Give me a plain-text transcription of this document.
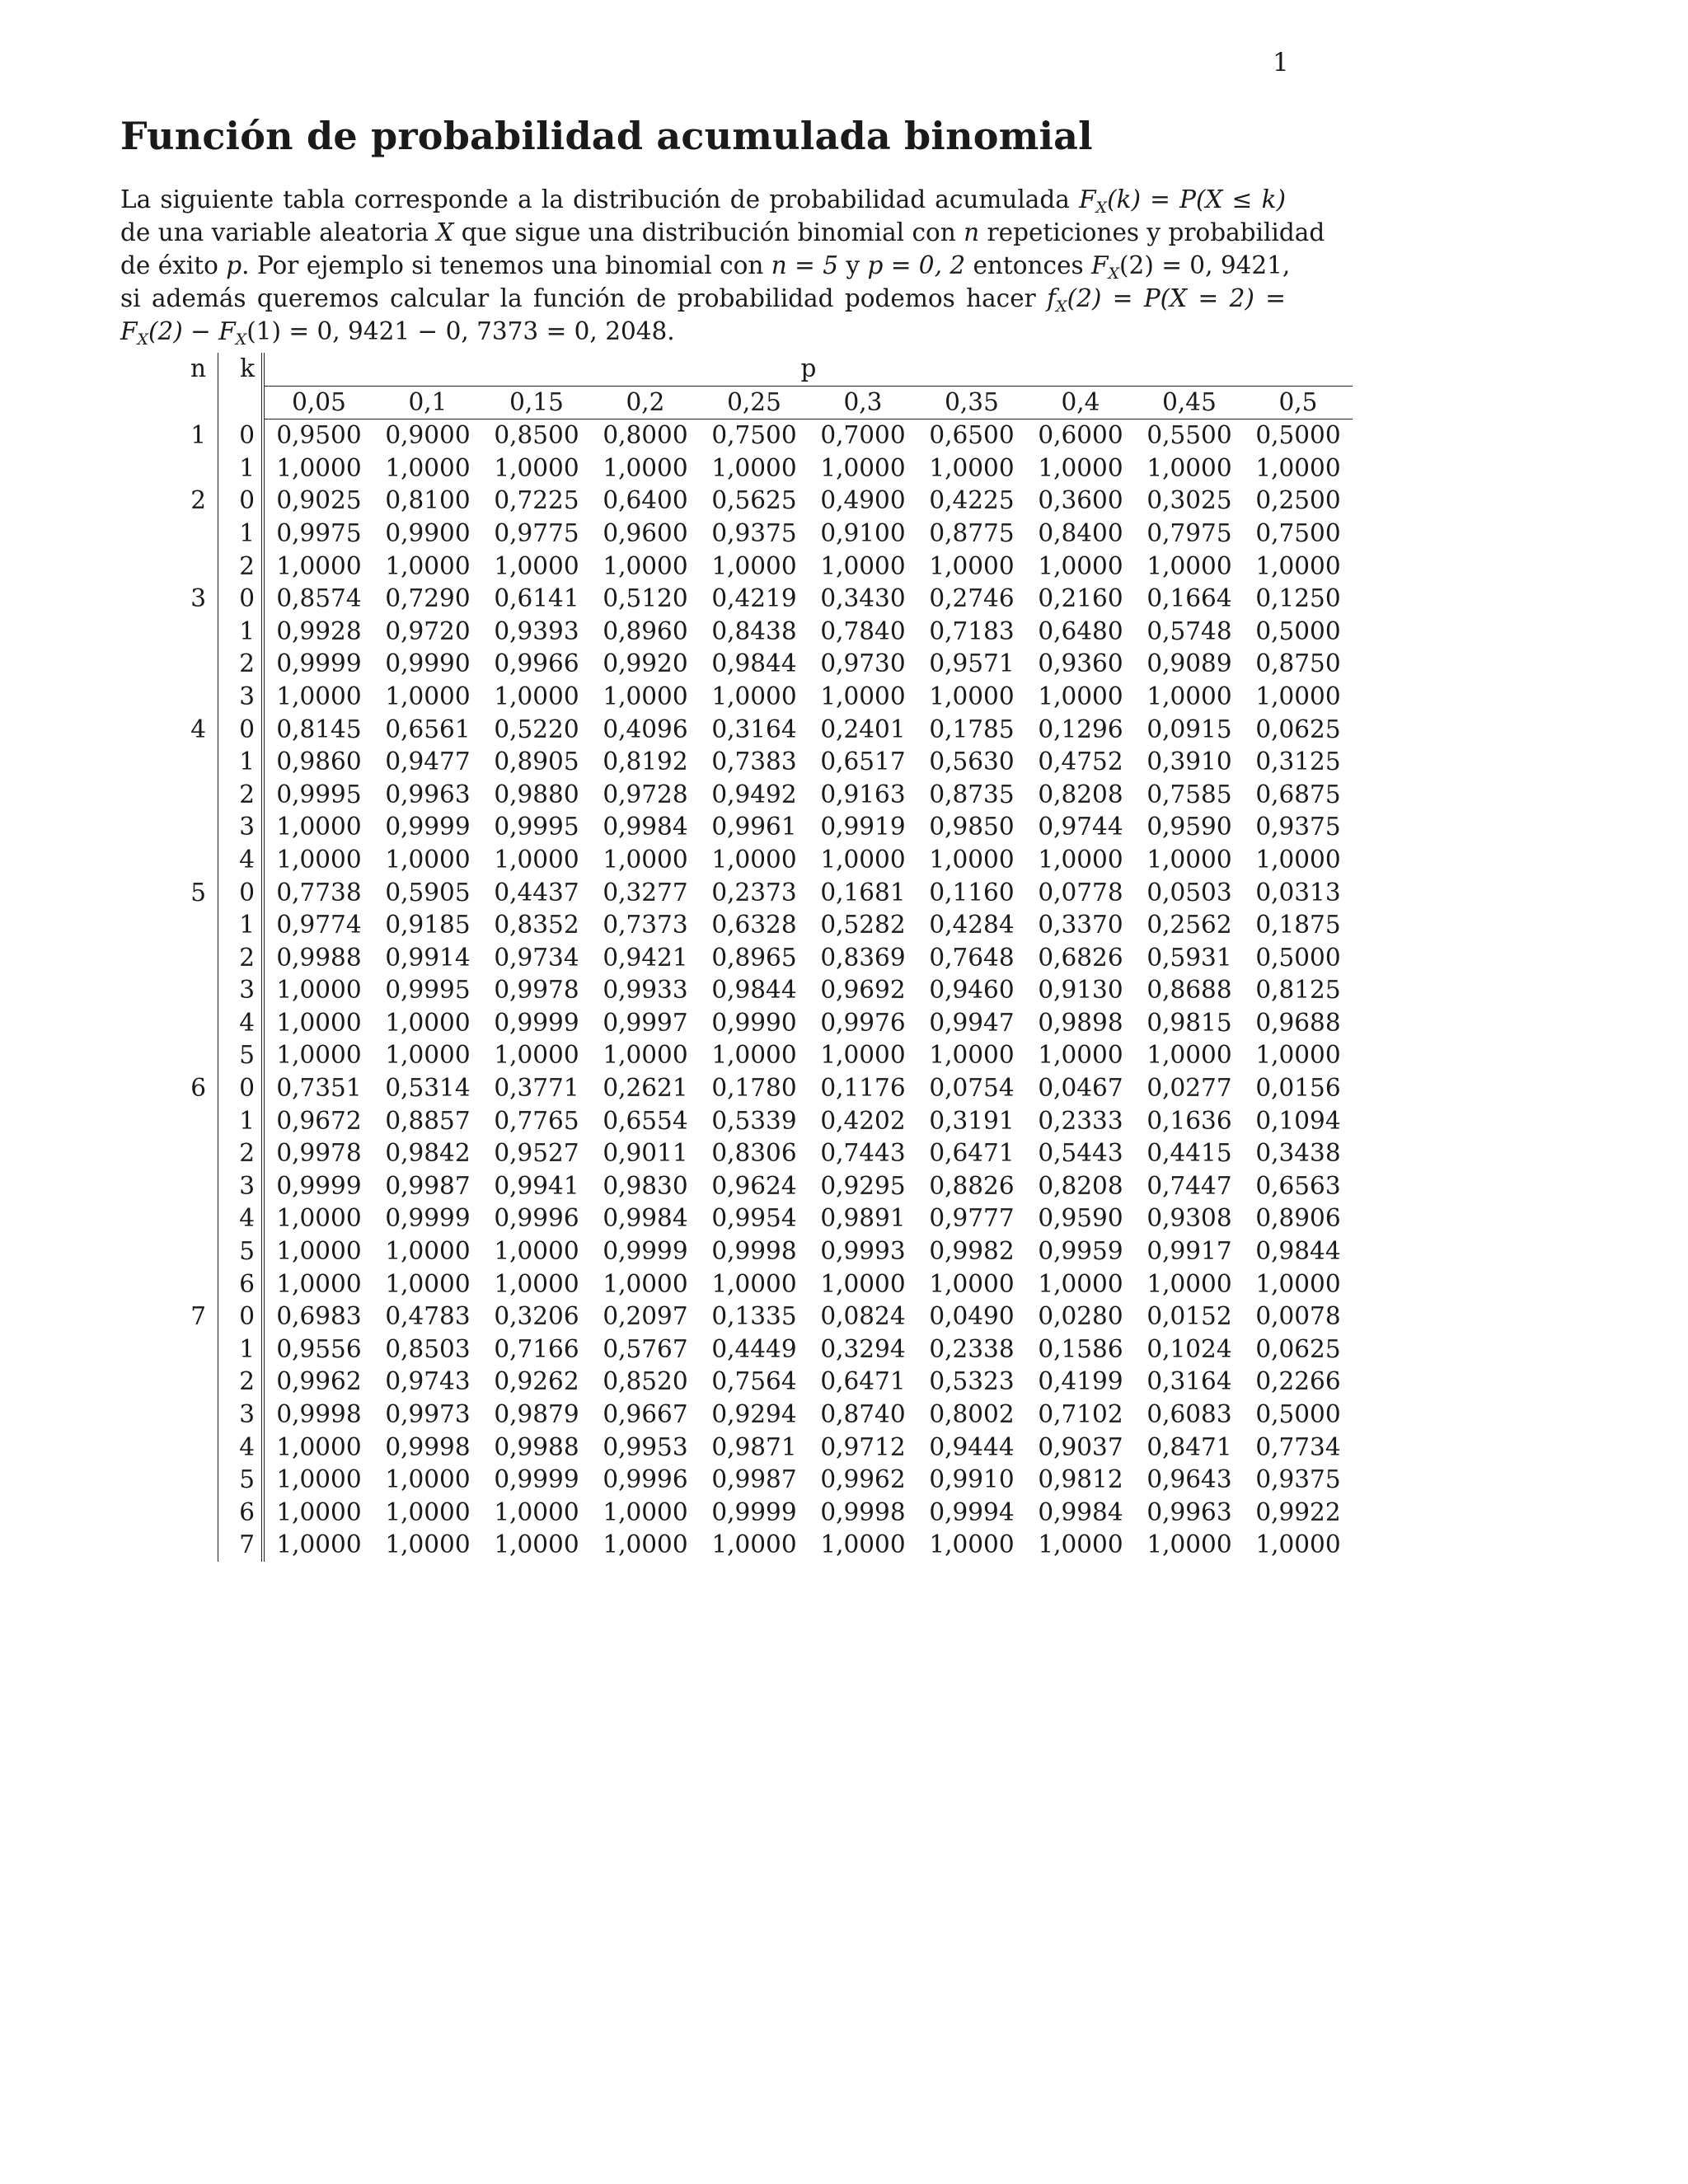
1
Función de probabilidad acumulada binomial

La siguiente tabla corresponde a la distribución de probabilidad acumulada $F_X(k) = P(X \le k)$
de una variable aleatoria X que sigue una distribución binomial con n repeticiones y probabilidad
de éxito p. Por ejemplo si tenemos una binomial con n = 5 y p = 0, 2 entonces $F_X(2) = 0$, 9421,
si además queremos calcular la función de probabilidad podemos hacer $f_X(2) = P(X = 2)$ =
$F_X(2) - F_X(1) = 0$, 9421 − 0, 7373 = 0, 2048.

n	k	p									
		0,05	0,1	0,15	0,2	0,25	0,3	0,35	0,4	0,45	0,5
1	0	0,9500	0,9000	0,8500	0,8000	0,7500	0,7000	0,6500	0,6000	0,5500	0,5000
	1	1,0000	1,0000	1,0000	1,0000	1,0000	1,0000	1,0000	1,0000	1,0000	1,0000
2	0	0,9025	0,8100	0,7225	0,6400	0,5625	0,4900	0,4225	0,3600	0,3025	0,2500
	1	0,9975	0,9900	0,9775	0,9600	0,9375	0,9100	0,8775	0,8400	0,7975	0,7500
	2	1,0000	1,0000	1,0000	1,0000	1,0000	1,0000	1,0000	1,0000	1,0000	1,0000
3	0	0,8574	0,7290	0,6141	0,5120	0,4219	0,3430	0,2746	0,2160	0,1664	0,1250
	1	0,9928	0,9720	0,9393	0,8960	0,8438	0,7840	0,7183	0,6480	0,5748	0,5000
	2	0,9999	0,9990	0,9966	0,9920	0,9844	0,9730	0,9571	0,9360	0,9089	0,8750
	3	1,0000	1,0000	1,0000	1,0000	1,0000	1,0000	1,0000	1,0000	1,0000	1,0000
4	0	0,8145	0,6561	0,5220	0,4096	0,3164	0,2401	0,1785	0,1296	0,0915	0,0625
	1	0,9860	0,9477	0,8905	0,8192	0,7383	0,6517	0,5630	0,4752	0,3910	0,3125
	2	0,9995	0,9963	0,9880	0,9728	0,9492	0,9163	0,8735	0,8208	0,7585	0,6875
	3	1,0000	0,9999	0,9995	0,9984	0,9961	0,9919	0,9850	0,9744	0,9590	0,9375
	4	1,0000	1,0000	1,0000	1,0000	1,0000	1,0000	1,0000	1,0000	1,0000	1,0000
5	0	0,7738	0,5905	0,4437	0,3277	0,2373	0,1681	0,1160	0,0778	0,0503	0,0313
	1	0,9774	0,9185	0,8352	0,7373	0,6328	0,5282	0,4284	0,3370	0,2562	0,1875
	2	0,9988	0,9914	0,9734	0,9421	0,8965	0,8369	0,7648	0,6826	0,5931	0,5000
	3	1,0000	0,9995	0,9978	0,9933	0,9844	0,9692	0,9460	0,9130	0,8688	0,8125
	4	1,0000	1,0000	0,9999	0,9997	0,9990	0,9976	0,9947	0,9898	0,9815	0,9688
	5	1,0000	1,0000	1,0000	1,0000	1,0000	1,0000	1,0000	1,0000	1,0000	1,0000
6	0	0,7351	0,5314	0,3771	0,2621	0,1780	0,1176	0,0754	0,0467	0,0277	0,0156
	1	0,9672	0,8857	0,7765	0,6554	0,5339	0,4202	0,3191	0,2333	0,1636	0,1094
	2	0,9978	0,9842	0,9527	0,9011	0,8306	0,7443	0,6471	0,5443	0,4415	0,3438
	3	0,9999	0,9987	0,9941	0,9830	0,9624	0,9295	0,8826	0,8208	0,7447	0,6563
	4	1,0000	0,9999	0,9996	0,9984	0,9954	0,9891	0,9777	0,9590	0,9308	0,8906
	5	1,0000	1,0000	1,0000	0,9999	0,9998	0,9993	0,9982	0,9959	0,9917	0,9844
	6	1,0000	1,0000	1,0000	1,0000	1,0000	1,0000	1,0000	1,0000	1,0000	1,0000
7	0	0,6983	0,4783	0,3206	0,2097	0,1335	0,0824	0,0490	0,0280	0,0152	0,0078
	1	0,9556	0,8503	0,7166	0,5767	0,4449	0,3294	0,2338	0,1586	0,1024	0,0625
	2	0,9962	0,9743	0,9262	0,8520	0,7564	0,6471	0,5323	0,4199	0,3164	0,2266
	3	0,9998	0,9973	0,9879	0,9667	0,9294	0,8740	0,8002	0,7102	0,6083	0,5000
	4	1,0000	0,9998	0,9988	0,9953	0,9871	0,9712	0,9444	0,9037	0,8471	0,7734
	5	1,0000	1,0000	0,9999	0,9996	0,9987	0,9962	0,9910	0,9812	0,9643	0,9375
	6	1,0000	1,0000	1,0000	1,0000	0,9999	0,9998	0,9994	0,9984	0,9963	0,9922
	7	1,0000	1,0000	1,0000	1,0000	1,0000	1,0000	1,0000	1,0000	1,0000	1,0000
